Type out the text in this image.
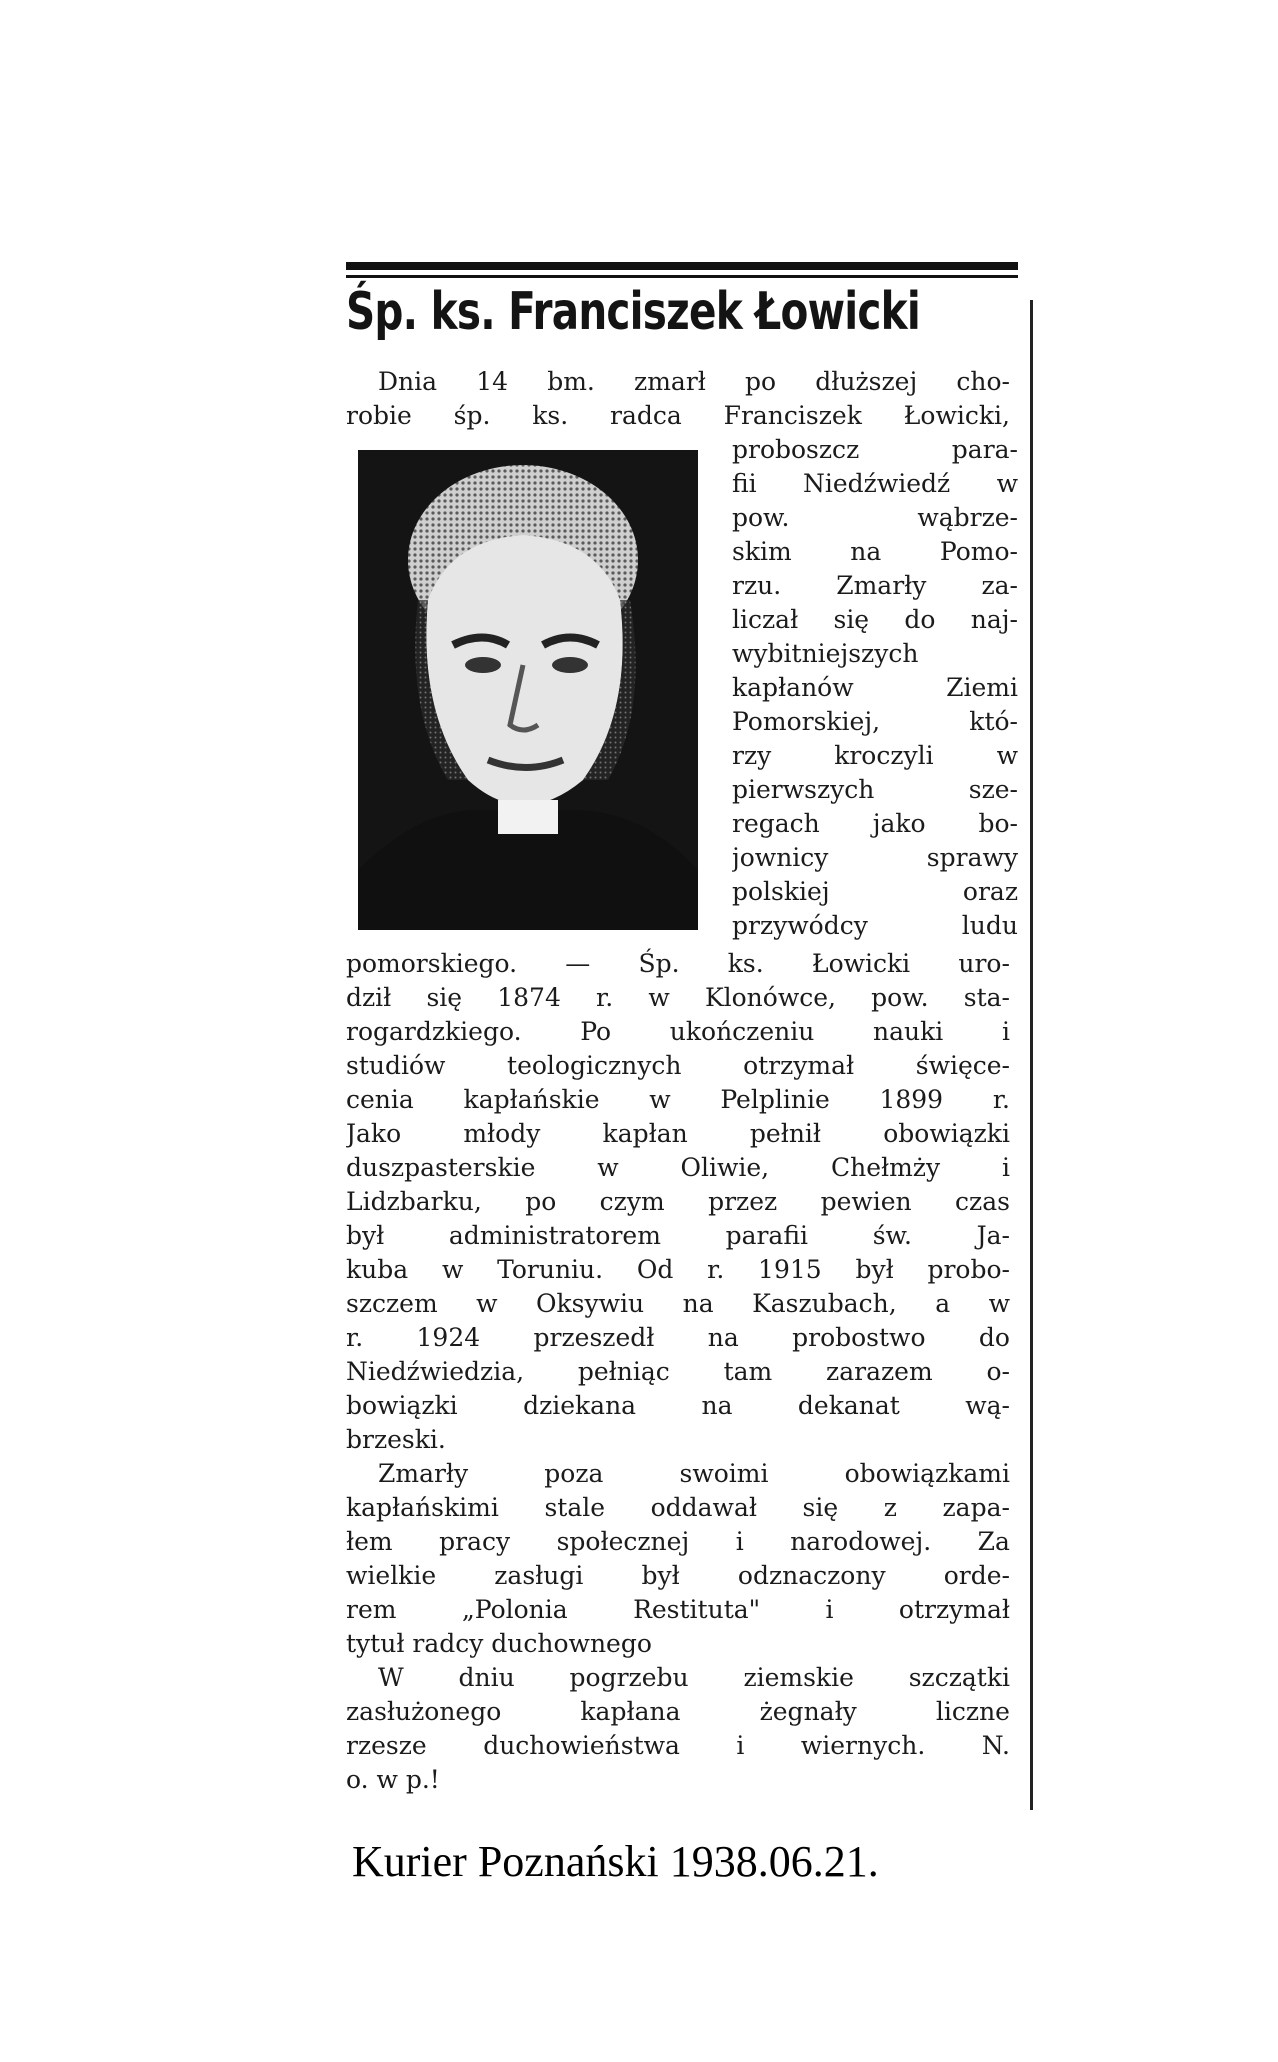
Śp. ks. Franciszek Łowicki
proboszcz	para-
fii Niedźwiedź w
pow.	wąbrze-
skim na Pomo-
rzu. Zmarły za-
liczał się do naj-
wybitniejszych
kapłanów	Ziemi
Pomorskiej,	któ-
rzy	kroczyli	w
pierwszych	sze-
regach jako bo-
jownicy	sprawy
polskiej	oraz
przywódcy	ludu
Dnia 14 bm. zmarł po dłuższej cho-
robie śp. ks. radca Franciszek Łowicki,
pomorskiego. — Śp. ks. Łowicki uro-
dził się 1874 r. w Klonówce, pow. sta-
rogardzkiego. Po ukończeniu nauki i
studiów teologicznych otrzymał święce-
cenia kapłańskie w Pelplinie 1899 r.
Jako młody kapłan pełnił obowiązki
duszpasterskie w Oliwie, Chełmży i
Lidzbarku, po czym przez pewien czas
był	administratorem	parafii	św.	Ja-
kuba w Toruniu. Od r. 1915 był probo-
szczem w Oksywiu na Kaszubach, a w
r. 1924 przeszedł na probostwo do
Niedźwiedzia, pełniąc tam zarazem o-
bowiązki	dziekana	na	dekanat	wą-
brzeski.
Zmarły	poza	swoimi	obowiązkami
kapłańskimi stale oddawał się z zapa-
łem pracy społecznej i narodowej. Za
wielkie zasługi był odznaczony orde-
rem	„Polonia	Restituta"	i	otrzymał
tytuł radcy duchownego
W dniu pogrzebu ziemskie szczątki
zasłużonego	kapłana	żegnały	liczne
rzesze duchowieństwa i wiernych. N.
o. w p.!
Kurier Poznański 1938.06.21.
